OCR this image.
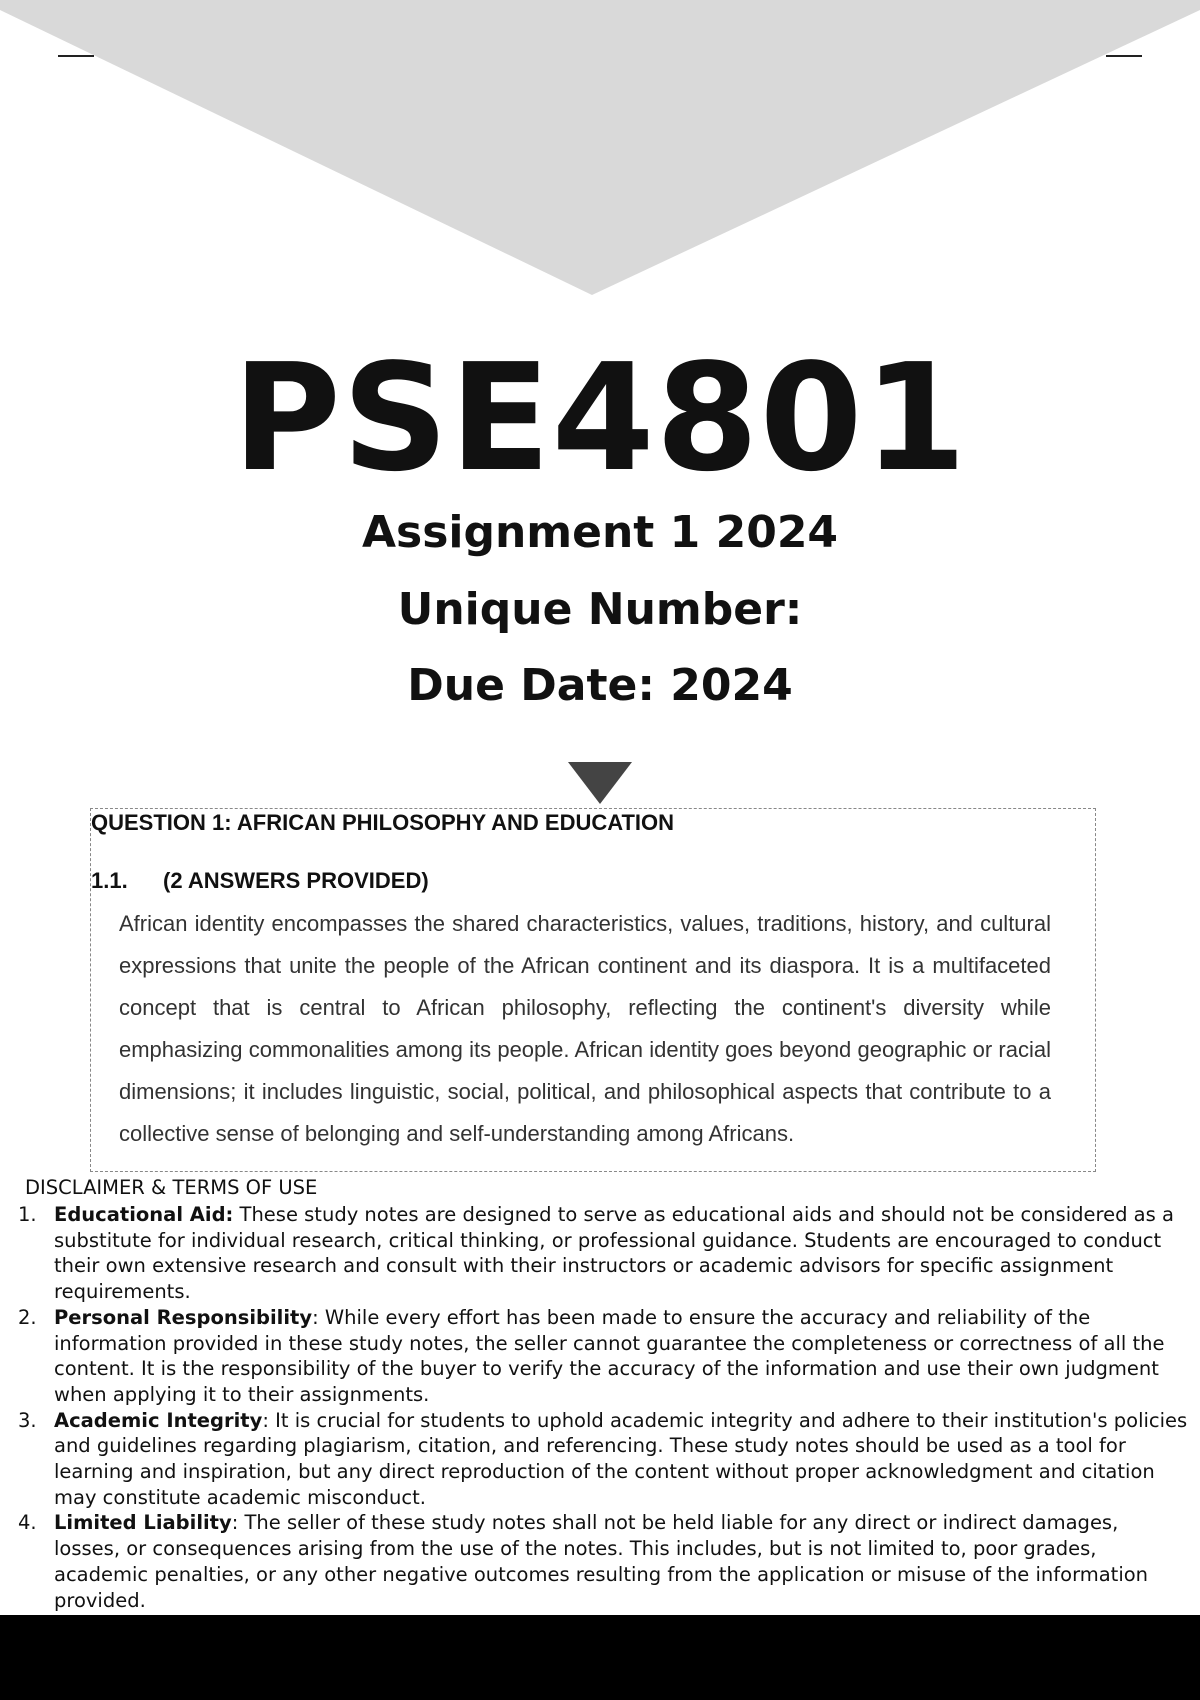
PSE4801
Assignment 1 2024
Unique Number:
Due Date: 2024
QUESTION 1: AFRICAN PHILOSOPHY AND EDUCATION
1.1. (2 ANSWERS PROVIDED)
African identity encompasses the shared characteristics, values, traditions, history, and cultural expressions that unite the people of the African continent and its diaspora. It is a multifaceted concept that is central to African philosophy, reflecting the continent's diversity while emphasizing commonalities among its people. African identity goes beyond geographic or racial dimensions; it includes linguistic, social, political, and philosophical aspects that contribute to a collective sense of belonging and self-understanding among Africans.
DISCLAIMER & TERMS OF USE
1. Educational Aid: These study notes are designed to serve as educational aids and should not be considered as a substitute for individual research, critical thinking, or professional guidance. Students are encouraged to conduct their own extensive research and consult with their instructors or academic advisors for specific assignment requirements.
2. Personal Responsibility: While every effort has been made to ensure the accuracy and reliability of the information provided in these study notes, the seller cannot guarantee the completeness or correctness of all the content. It is the responsibility of the buyer to verify the accuracy of the information and use their own judgment when applying it to their assignments.
3. Academic Integrity: It is crucial for students to uphold academic integrity and adhere to their institution's policies and guidelines regarding plagiarism, citation, and referencing. These study notes should be used as a tool for learning and inspiration, but any direct reproduction of the content without proper acknowledgment and citation may constitute academic misconduct.
4. Limited Liability: The seller of these study notes shall not be held liable for any direct or indirect damages, losses, or consequences arising from the use of the notes. This includes, but is not limited to, poor grades, academic penalties, or any other negative outcomes resulting from the application or misuse of the information provided.
